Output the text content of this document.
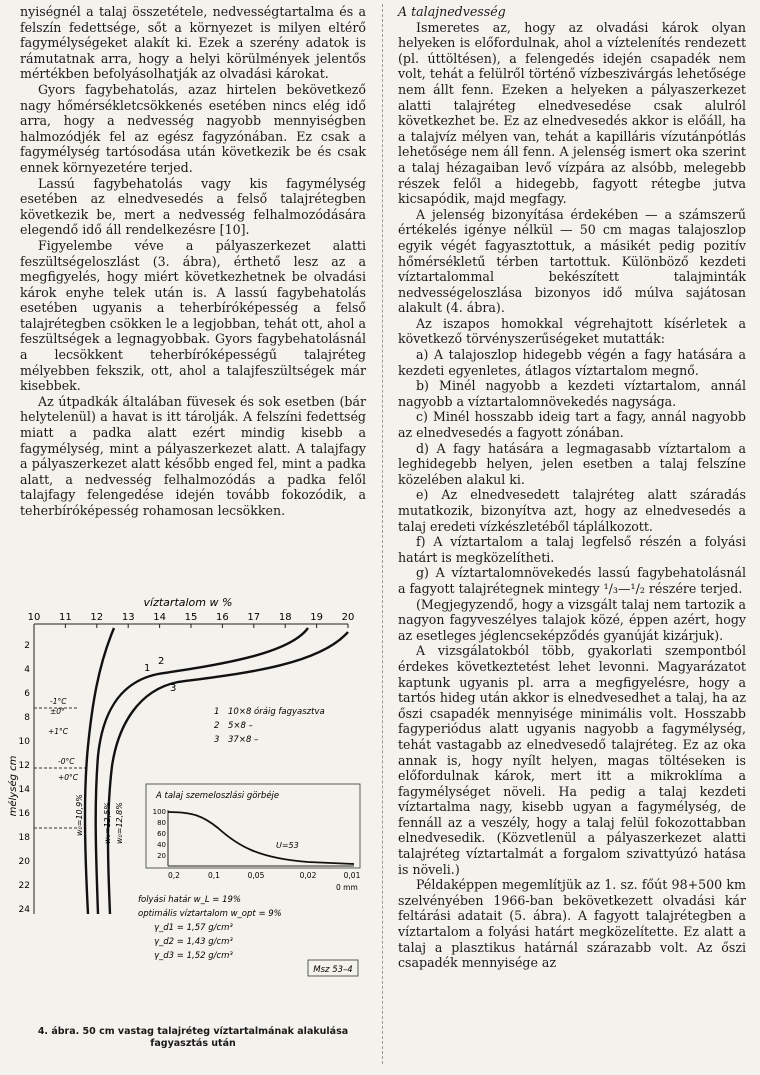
nyiségnél a talaj összetétele, nedvességtartalma és a felszín fedettsége, sőt a környezet is milyen eltérő fagymélységeket alakít ki. Ezek a szerény adatok is rámutatnak arra, hogy a helyi körülmények jelentős mértékben befolyásolhatják az olvadási károkat.

Gyors fagybehatolás, azaz hirtelen bekövetkező nagy hőmérsékletcsökkenés esetében nincs elég idő arra, hogy a nedvesség nagyobb mennyiségben halmozódjék fel az egész fagyzónában. Ez csak a fagymélység tartósodása után következik be és csak ennek környezetére terjed.

Lassú fagybehatolás vagy kis fagymélység esetében az elnedvesedés a felső talajrétegben következik be, mert a nedvesség felhalmozódására elegendő idő áll rendelkezésre [10].

Figyelembe véve a pályaszerkezet alatti feszültségeloszlást (3. ábra), érthető lesz az a megfigyelés, hogy miért következhetnek be olvadási károk enyhe telek után is. A lassú fagybehatolás esetében ugyanis a teherbíróképesség a felső talajrétegben csökken le a legjobban, tehát ott, ahol a feszültségek a legnagyobbak. Gyors fagybehatolásnál a lecsökkent teherbíróképességű talajréteg mélyebben fekszik, ott, ahol a talajfeszültségek már kisebbek.

Az útpadkák általában füvesek és sok esetben (bár helytelenül) a havat is itt tárolják. A felszíni fedettség miatt a padka alatt ezért mindig kisebb a fagymélység, mint a pályaszerkezet alatt. A talajfagy a pályaszerkezet alatt később enged fel, mint a padka alatt, a nedvesség felhalmozódás a padka felől talajfagy felengedése idején tovább fokozódik, a teherbíróképesség rohamosan lecsökken.

A talajnedvesség

Ismeretes az, hogy az olvadási károk olyan helyeken is előfordulnak, ahol a víztelenítés rendezett (pl. úttöltésen), a felengedés idején csapadék nem volt, tehát a felülről történő vízbeszivárgás lehetősége nem állt fenn. Ezeken a helyeken a pályaszerkezet alatti talajréteg elnedvesedése csak alulról következhet be. Ez az elnedvesedés akkor is előáll, ha a talajvíz mélyen van, tehát a kapilláris vízutánpótlás lehetősége nem áll fenn. A jelenség ismert oka szerint a talaj hézagaiban levő vízpára az alsóbb, melegebb részek felől a hidegebb, fagyott rétegbe jutva kicsapódik, majd megfagy.

A jelenség bizonyítása érdekében — a számszerű értékelés igénye nélkül — 50 cm magas talajoszlop egyik végét fagyasztottuk, a másikét pedig pozitív hőmérsékletű térben tartottuk. Különböző kezdeti víztartalommal bekészített talajminták nedvességeloszlása bizonyos idő múlva sajátosan alakult (4. ábra).

Az iszapos homokkal végrehajtott kísérletek a következő törvényszerűségeket mutatták:

a) A talajoszlop hidegebb végén a fagy hatására a kezdeti egyenletes, átlagos víztartalom megnő.

b) Minél nagyobb a kezdeti víztartalom, annál nagyobb a víztartalomnövekedés nagysága.

c) Minél hosszabb ideig tart a fagy, annál nagyobb az elnedvesedés a fagyott zónában.

d) A fagy hatására a legmagasabb víztartalom a leghidegebb helyen, jelen esetben a talaj felszíne közelében alakul ki.

e) Az elnedvesedett talajréteg alatt száradás mutatkozik, bizonyítva azt, hogy az elnedvesedés a talaj eredeti vízkészletéből táplálkozott.

f) A víztartalom a talaj legfelső részén a folyási határt is megközelítheti.

g) A víztartalomnövekedés lassú fagybehatolásnál a fagyott talajrétegnek mintegy ¹/₃—¹/₂ részére terjed.

(Megjegyzendő, hogy a vizsgált talaj nem tartozik a nagyon fagyveszélyes talajok közé, éppen azért, hogy az esetleges jéglencseképződés gyanúját kizárjuk).

A vizsgálatokból több, gyakorlati szempontból érdekes következtetést lehet levonni. Magyarázatot kaptunk ugyanis pl. arra a megfigyelésre, hogy a tartós hideg után akkor is elnedvesedhet a talaj, ha az őszi csapadék mennyisége minimális volt. Hosszabb fagyperiódus alatt ugyanis nagyobb a fagymélység, tehát vastagabb az elnedvesedő talajréteg. Ez az oka annak is, hogy nyílt helyen, magas töltéseken is előfordulnak károk, mert itt a mikroklíma a fagymélységet növeli. Ha pedig a talaj kezdeti víztartalma nagy, kisebb ugyan a fagymélység, de fennáll az a veszély, hogy a talaj felül fokozottabban elnedvesedik. (Közvetlenül a pályaszerkezet alatti talajréteg víztartalmát a forgalom szivattyúzó hatása is növeli.)

Példaképpen megemlítjük az 1. sz. főút 98+500 km szelvényében 1966-ban bekövetkezett olvadási kár feltárási adatait (5. ábra). A fagyott talajrétegben a víztartalom a folyási határt megközelítette. Ez alatt a talaj a plasztikus határnál szárazabb volt. Az őszi csapadék mennyisége az

víztartalom w %
10 11 12 13 14 15 16 17 18 19 20
mélység cm
2
4
6
8
10
12
14
16
18
20
22
24
-1°C
±0°
+1°C
-0°C
+0°C
1
2
3
w₀=10,9% w₀=12,5% w₀=12,8%
1 10×8 óráig fagyasztva
2 5×8 –
3 37×8 –
A talaj szemeloszlási görbéje
100
80
60
40
20
U=53
0,2	0,1	0,05	0,02	0,01
0 mm
folyási határ w_L = 19%
optimális víztartalom w_opt = 9%
γ_d1 = 1,57 g/cm³
γ_d2 = 1,43 g/cm³
γ_d3 = 1,52 g/cm³
Msz 53–4
4. ábra. 50 cm vastag talajréteg víztartalmának alakulása fagyasztás után
